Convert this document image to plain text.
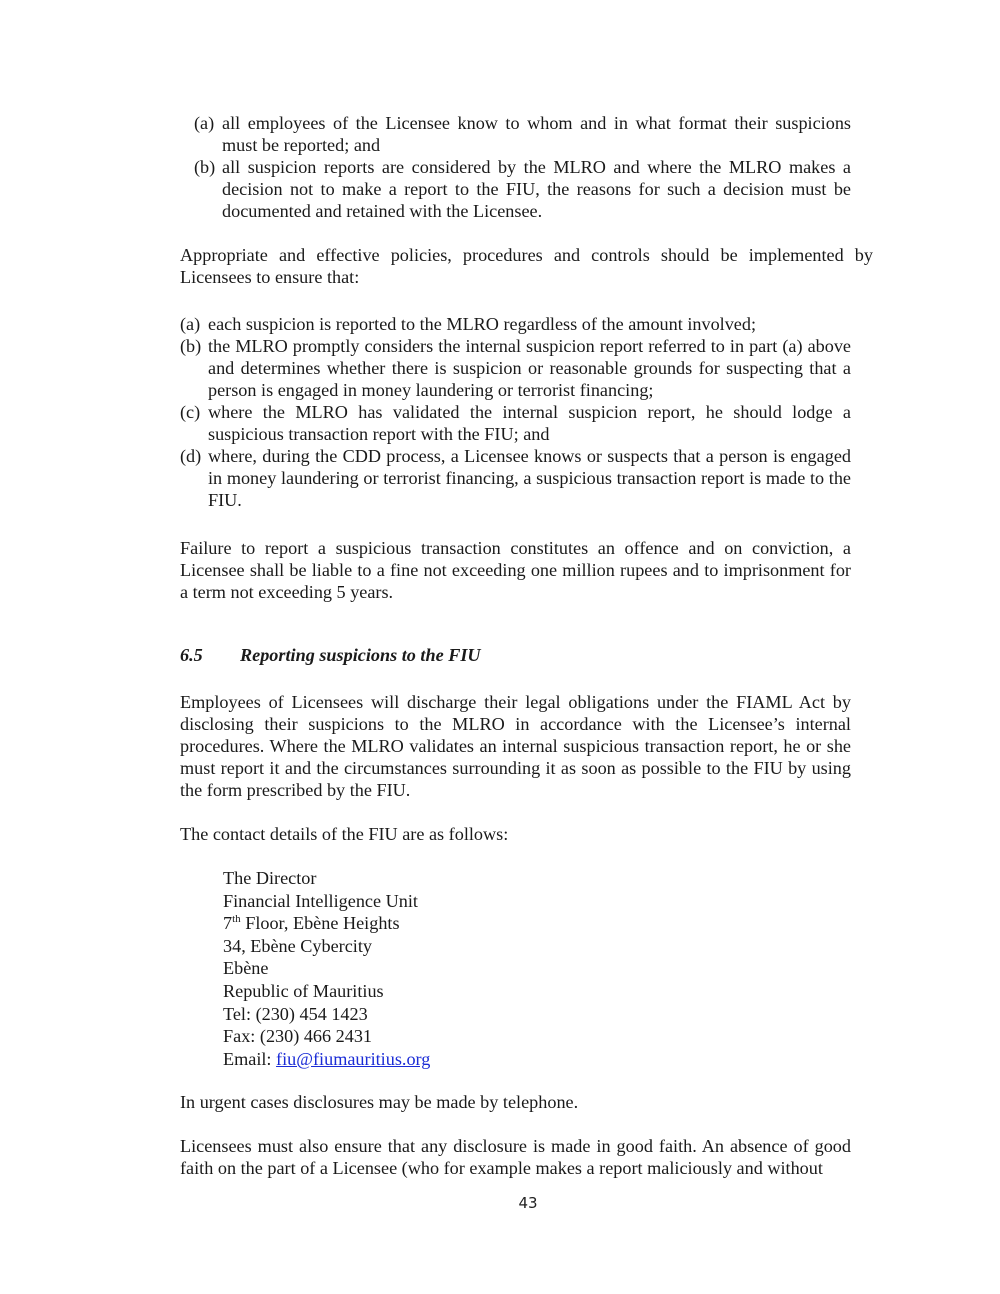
(a) all employees of the Licensee know to whom and in what format their suspicions must be reported; and
(b) all suspicion reports are considered by the MLRO and where the MLRO makes a decision not to make a report to the FIU, the reasons for such a decision must be documented and retained with the Licensee.

Appropriate and effective policies, procedures and controls should be implemented by Licensees to ensure that:

(a) each suspicion is reported to the MLRO regardless of the amount involved;
(b) the MLRO promptly considers the internal suspicion report referred to in part (a) above and determines whether there is suspicion or reasonable grounds for suspecting that a person is engaged in money laundering or terrorist financing;
(c) where the MLRO has validated the internal suspicion report, he should lodge a suspicious transaction report with the FIU; and
(d) where, during the CDD process, a Licensee knows or suspects that a person is engaged in money laundering or terrorist financing, a suspicious transaction report is made to the FIU.

Failure to report a suspicious transaction constitutes an offence and on conviction, a Licensee shall be liable to a fine not exceeding one million rupees and to imprisonment for a term not exceeding 5 years.

6.5 Reporting suspicions to the FIU

Employees of Licensees will discharge their legal obligations under the FIAML Act by disclosing their suspicions to the MLRO in accordance with the Licensee’s internal procedures. Where the MLRO validates an internal suspicious transaction report, he or she must report it and the circumstances surrounding it as soon as possible to the FIU by using the form prescribed by the FIU.

The contact details of the FIU are as follows:

The Director
Financial Intelligence Unit
7th Floor, Ebène Heights
34, Ebène Cybercity
Ebène
Republic of Mauritius
Tel: (230) 454 1423
Fax: (230) 466 2431
Email: fiu@fiumauritius.org

In urgent cases disclosures may be made by telephone.

Licensees must also ensure that any disclosure is made in good faith. An absence of good faith on the part of a Licensee (who for example makes a report maliciously and without

43
